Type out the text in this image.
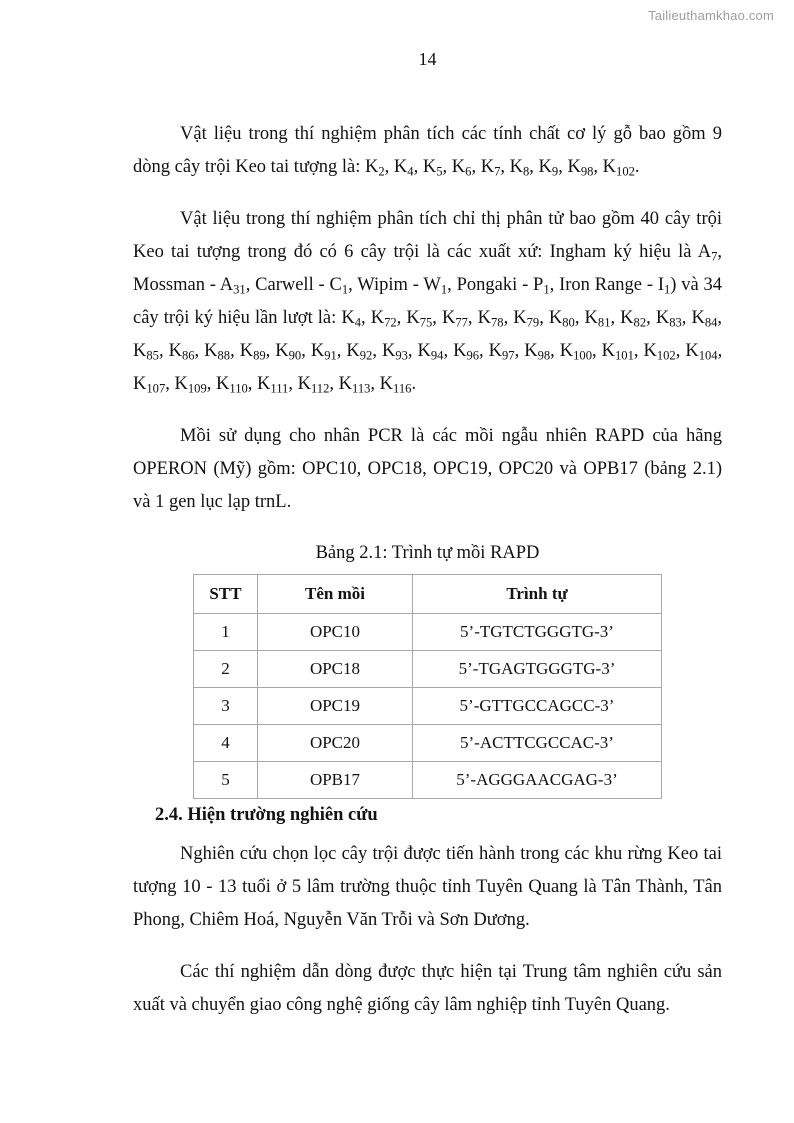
Tailieuthamkhao.com
14

Vật liệu trong thí nghiệm phân tích các tính chất cơ lý gỗ bao gồm 9 dòng cây trội Keo tai tượng là: $K_2$, $K_4$, $K_5$, $K_6$, $K_7$, $K_8$, $K_9$, $K_{98}$, $K_{102}$.

Vật liệu trong thí nghiệm phân tích chỉ thị phân tử bao gồm 40 cây trội Keo tai tượng trong đó có 6 cây trội là các xuất xứ: Ingham ký hiệu là $A_7$, Mossman - $A_{31}$, Carwell - $C_1$, Wipim - $W_1$, Pongaki - $P_1$, Iron Range - $I_1$) và 34 cây trội ký hiệu lần lượt là: $K_4$, $K_{72}$, $K_{75}$, $K_{77}$, $K_{78}$, $K_{79}$, $K_{80}$, $K_{81}$, $K_{82}$, $K_{83}$, $K_{84}$, $K_{85}$, $K_{86}$, $K_{88}$, $K_{89}$, $K_{90}$, $K_{91}$, $K_{92}$, $K_{93}$, $K_{94}$, $K_{96}$, $K_{97}$, $K_{98}$, $K_{100}$, $K_{101}$, $K_{102}$, $K_{104}$, $K_{107}$, $K_{109}$, $K_{110}$, $K_{111}$, $K_{112}$, $K_{113}$, $K_{116}$.

Mồi sử dụng cho nhân PCR là các mồi ngẫu nhiên RAPD của hãng OPERON (Mỹ) gồm: OPC10, OPC18, OPC19, OPC20 và OPB17 (bảng 2.1) và 1 gen lục lạp trnL.

Bảng 2.1: Trình tự mồi RAPD
STT	Tên mồi	Trình tự
1	OPC10	5’-TGTCTGGGTG-3’
2	OPC18	5’-TGAGTGGGTG-3’
3	OPC19	5’-GTTGCCAGCC-3’
4	OPC20	5’-ACTTCGCCAC-3’
5	OPB17	5’-AGGGAACGAG-3’
2.4. Hiện trường nghiên cứu

Nghiên cứu chọn lọc cây trội được tiến hành trong các khu rừng Keo tai tượng 10 - 13 tuổi ở 5 lâm trường thuộc tỉnh Tuyên Quang là Tân Thành, Tân Phong, Chiêm Hoá, Nguyễn Văn Trỗi và Sơn Dương.

Các thí nghiệm dẫn dòng được thực hiện tại Trung tâm nghiên cứu sản xuất và chuyển giao công nghệ giống cây lâm nghiệp tỉnh Tuyên Quang.
